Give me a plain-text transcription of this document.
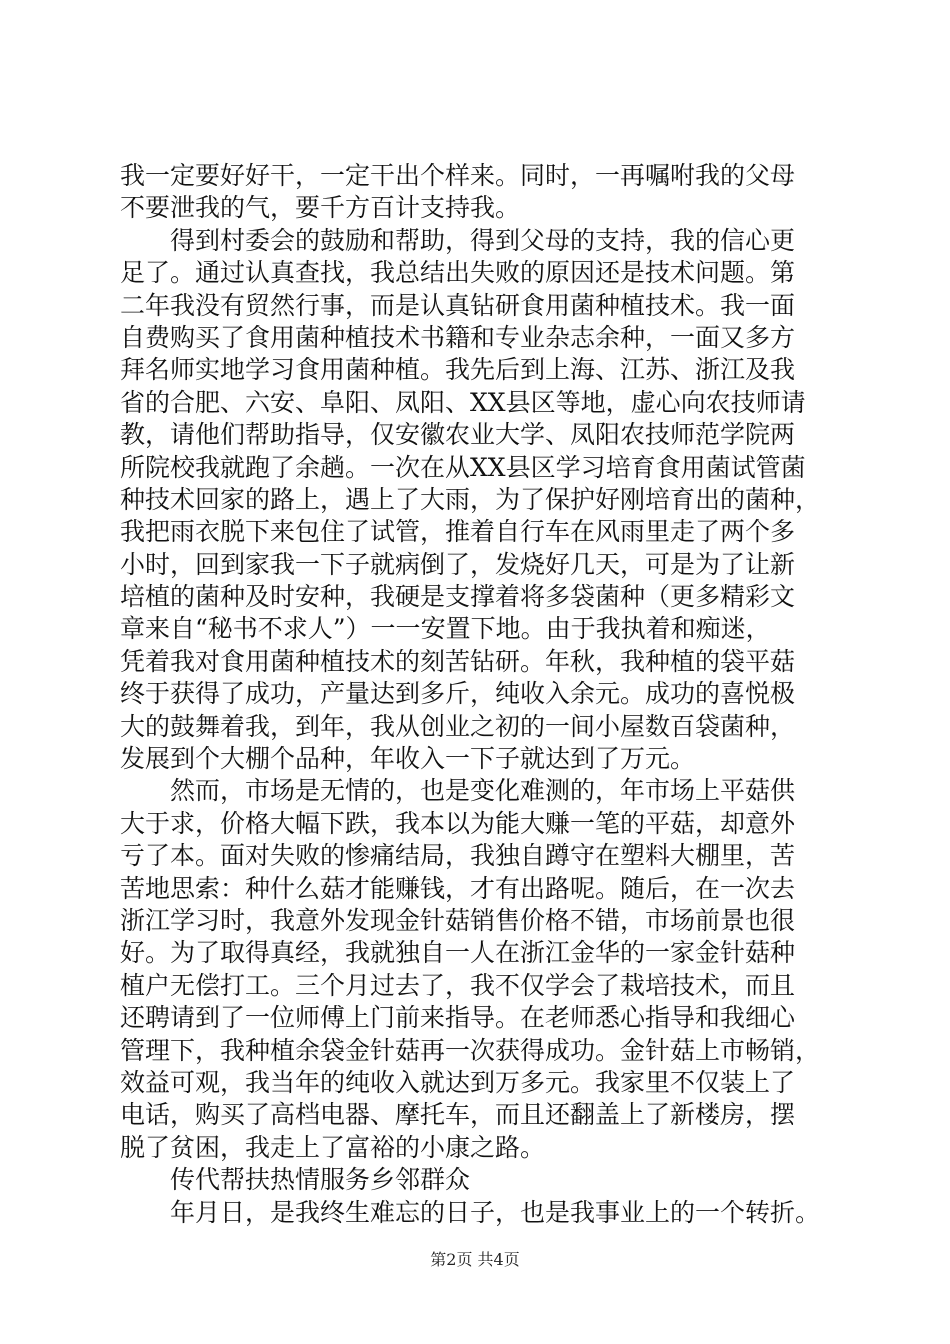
我一定要好好干，一定干出个样来。同时，一再嘱咐我的父母
不要泄我的气，要千方百计支持我。
得到村委会的鼓励和帮助，得到父母的支持，我的信心更
足了。通过认真查找，我总结出失败的原因还是技术问题。第
二年我没有贸然行事，而是认真钻研食用菌种植技术。我一面
自费购买了食用菌种植技术书籍和专业杂志余种，一面又多方
拜名师实地学习食用菌种植。我先后到上海、江苏、浙江及我
省的合肥、六安、阜阳、凤阳、XX县区等地，虚心向农技师请
教，请他们帮助指导，仅安徽农业大学、凤阳农技师范学院两
所院校我就跑了余趟。一次在从XX县区学习培育食用菌试管菌
种技术回家的路上，遇上了大雨，为了保护好刚培育出的菌种，
我把雨衣脱下来包住了试管，推着自行车在风雨里走了两个多
小时，回到家我一下子就病倒了，发烧好几天，可是为了让新
培植的菌种及时安种，我硬是支撑着将多袋菌种（更多精彩文
章来自“秘书不求人”）一一安置下地。由于我执着和痴迷，
凭着我对食用菌种植技术的刻苦钻研。年秋，我种植的袋平菇
终于获得了成功，产量达到多斤，纯收入余元。成功的喜悦极
大的鼓舞着我，到年，我从创业之初的一间小屋数百袋菌种，
发展到个大棚个品种，年收入一下子就达到了万元。
然而，市场是无情的，也是变化难测的，年市场上平菇供
大于求，价格大幅下跌，我本以为能大赚一笔的平菇，却意外
亏了本。面对失败的惨痛结局，我独自蹲守在塑料大棚里，苦
苦地思索：种什么菇才能赚钱，才有出路呢。随后，在一次去
浙江学习时，我意外发现金针菇销售价格不错，市场前景也很
好。为了取得真经，我就独自一人在浙江金华的一家金针菇种
植户无偿打工。三个月过去了，我不仅学会了栽培技术，而且
还聘请到了一位师傅上门前来指导。在老师悉心指导和我细心
管理下，我种植余袋金针菇再一次获得成功。金针菇上市畅销，
效益可观，我当年的纯收入就达到万多元。我家里不仅装上了
电话，购买了高档电器、摩托车，而且还翻盖上了新楼房，摆
脱了贫困，我走上了富裕的小康之路。
传代帮扶热情服务乡邻群众
年月日，是我终生难忘的日子，也是我事业上的一个转折。
第2页 共4页
